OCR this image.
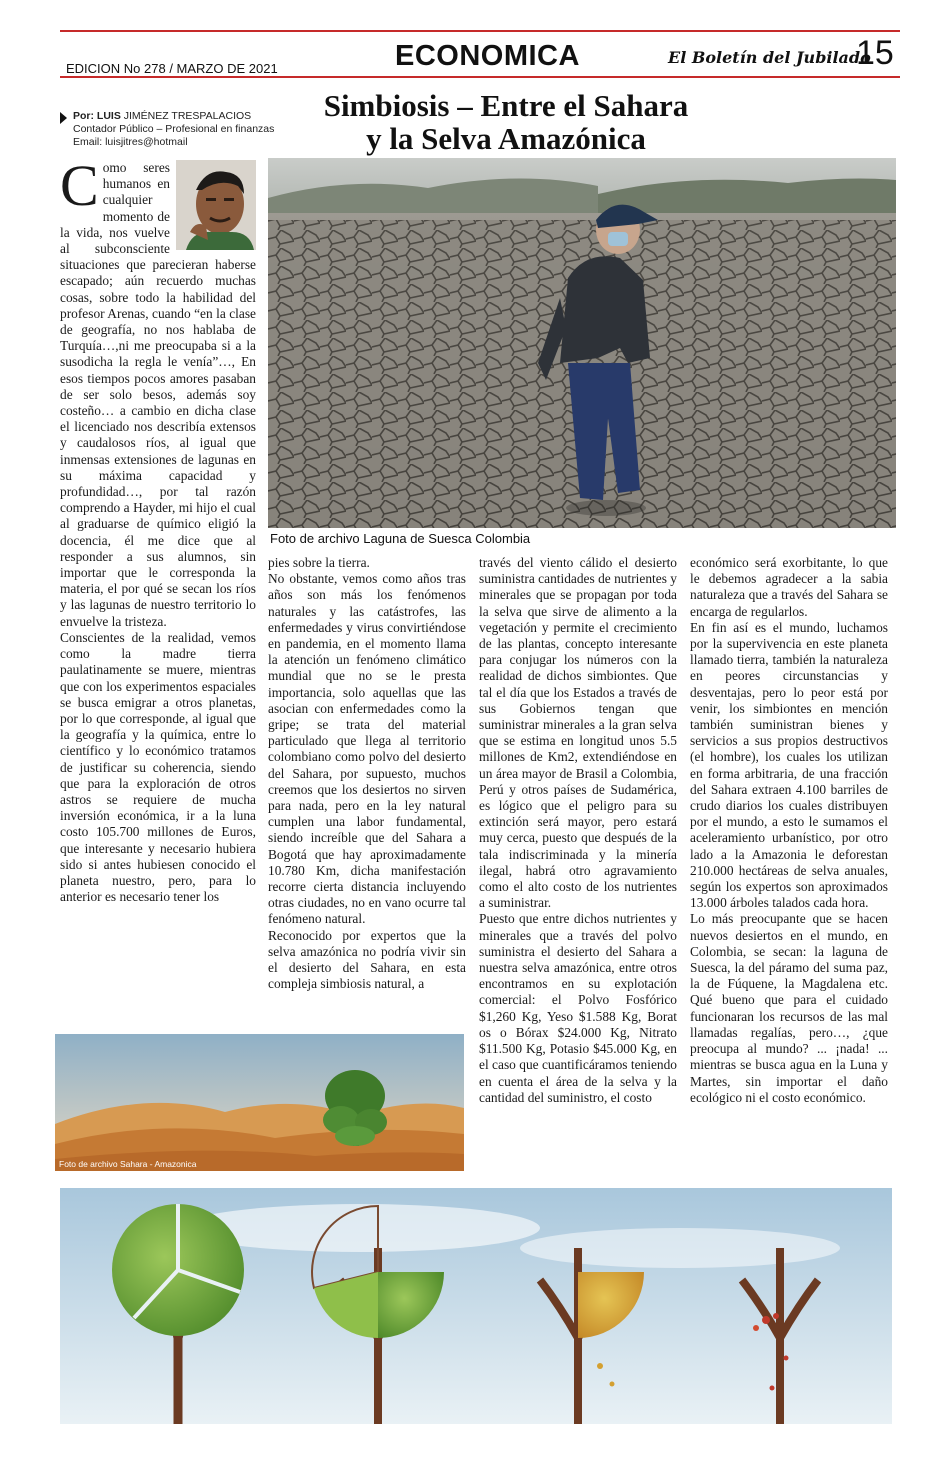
EDICION No 278 / MARZO DE 2021	ECONOMICA	El Boletín del Jubilado
15
Por: LUIS JIMÉNEZ TRESPALACIOS
Contador Público – Profesional en finanzas
Email: luisjitres@hotmail
Simbiosis – Entre el Sahara
y la Selva Amazónica
Foto de archivo Laguna de Suesca Colombia

Como seres humanos en cualquier momento de la vida, nos vuelve al subconsciente situaciones que parecieran haberse escapado; aún recuerdo muchas cosas, sobre todo la habilidad del profesor Arenas, cuando “en la clase de geografía, no nos hablaba de Turquía…,ni me preocupaba si a la susodicha la regla le venía”…, En esos tiempos pocos amores pasaban de ser solo besos, además soy costeño… a cambio en dicha clase el licenciado nos describía extensos y caudalosos ríos, al igual que inmensas extensiones de lagunas en su máxima capacidad y profundidad…, por tal razón comprendo a Hayder, mi hijo el cual al graduarse de químico eligió la docencia, él me dice que al responder a sus alumnos, sin importar que le corresponda la materia, el por qué se secan los ríos y las lagunas de nuestro territorio lo envuelve la tristeza.

Conscientes de la realidad, vemos como la madre tierra paulatinamente se muere, mientras que con los experimentos espaciales se busca emigrar a otros planetas, por lo que corresponde, al igual que la geografía y la química, entre lo científico y lo económico tratamos de justificar su coherencia, siendo que para la exploración de otros astros se requiere de mucha inversión económica, ir a la luna costo 105.700 millones de Euros, que interesante y necesario hubiera sido si antes hubiesen conocido el planeta nuestro, pero, para lo anterior es necesario tener los

pies sobre la tierra.

No obstante, vemos como años tras años son más los fenómenos naturales y las catástrofes, las enfermedades y virus convirtiéndose en pandemia, en el momento llama la atención un fenómeno climático mundial que no se le presta importancia, solo aquellas que las asocian con enfermedades como la gripe; se trata del material particulado que llega al territorio colombiano como polvo del desierto del Sahara, por supuesto, muchos creemos que los desiertos no sirven para nada, pero en la ley natural cumplen una labor fundamental, siendo increíble que del Sahara a Bogotá que hay aproximadamente 10.780 Km, dicha manifestación recorre cierta distancia incluyendo otras ciudades, no en vano ocurre tal fenómeno natural.

Reconocido por expertos que la selva amazónica no podría vivir sin el desierto del Sahara, en esta compleja simbiosis natural, a

través del viento cálido el desierto suministra cantidades de nutrientes y minerales que se propagan por toda la selva que sirve de alimento a la vegetación y permite el crecimiento de las plantas, concepto interesante para conjugar los números con la realidad de dichos simbiontes. Que tal el día que los Estados a través de sus Gobiernos tengan que suministrar minerales a la gran selva que se estima en longitud unos 5.5 millones de Km2, extendiéndose en un área mayor de Brasil a Colombia, Perú y otros países de Sudamérica, es lógico que el peligro para su extinción será mayor, pero estará muy cerca, puesto que después de la tala indiscriminada y la minería ilegal, habrá otro agravamiento como el alto costo de los nutrientes a suministrar.

Puesto que entre dichos nutrientes y minerales que a través del polvo suministra el desierto del Sahara a nuestra selva amazónica, entre otros encontramos en su explotación comercial: el Polvo Fosfórico $1,260 Kg, Yeso $1.588 Kg, Borat os o Bórax $24.000 Kg, Nitrato $11.500 Kg, Potasio $45.000 Kg, en el caso que cuantificáramos teniendo en cuenta el área de la selva y la cantidad del suministro, el costo

económico será exorbitante, lo que le debemos agradecer a la sabia naturaleza que a través del Sahara se encarga de regularlos.

En fin así es el mundo, luchamos por la supervivencia en este planeta llamado tierra, también la naturaleza en peores circunstancias y desventajas, pero lo peor está por venir, los simbiontes en mención también suministran bienes y servicios a sus propios destructivos (el hombre), los cuales los utilizan en forma arbitraria, de una fracción del Sahara extraen 4.100 barriles de crudo diarios los cuales distribuyen por el mundo, a esto le sumamos el aceleramiento urbanístico, por otro lado a la Amazonia le deforestan 210.000 hectáreas de selva anuales, según los expertos son aproximados 13.000 árboles talados cada hora.

Lo más preocupante que se hacen nuevos desiertos en el mundo, en Colombia, se secan: la laguna de Suesca, la del páramo del suma paz, la de Fúquene, la Magdalena etc. Qué bueno que para el cuidado funcionaran los recursos de las mal llamadas regalías, pero…, ¿que preocupa al mundo? ... ¡nada! ... mientras se busca agua en la Luna y Martes, sin importar el daño ecológico ni el costo económico.

Foto de archivo Sahara - Amazonica
